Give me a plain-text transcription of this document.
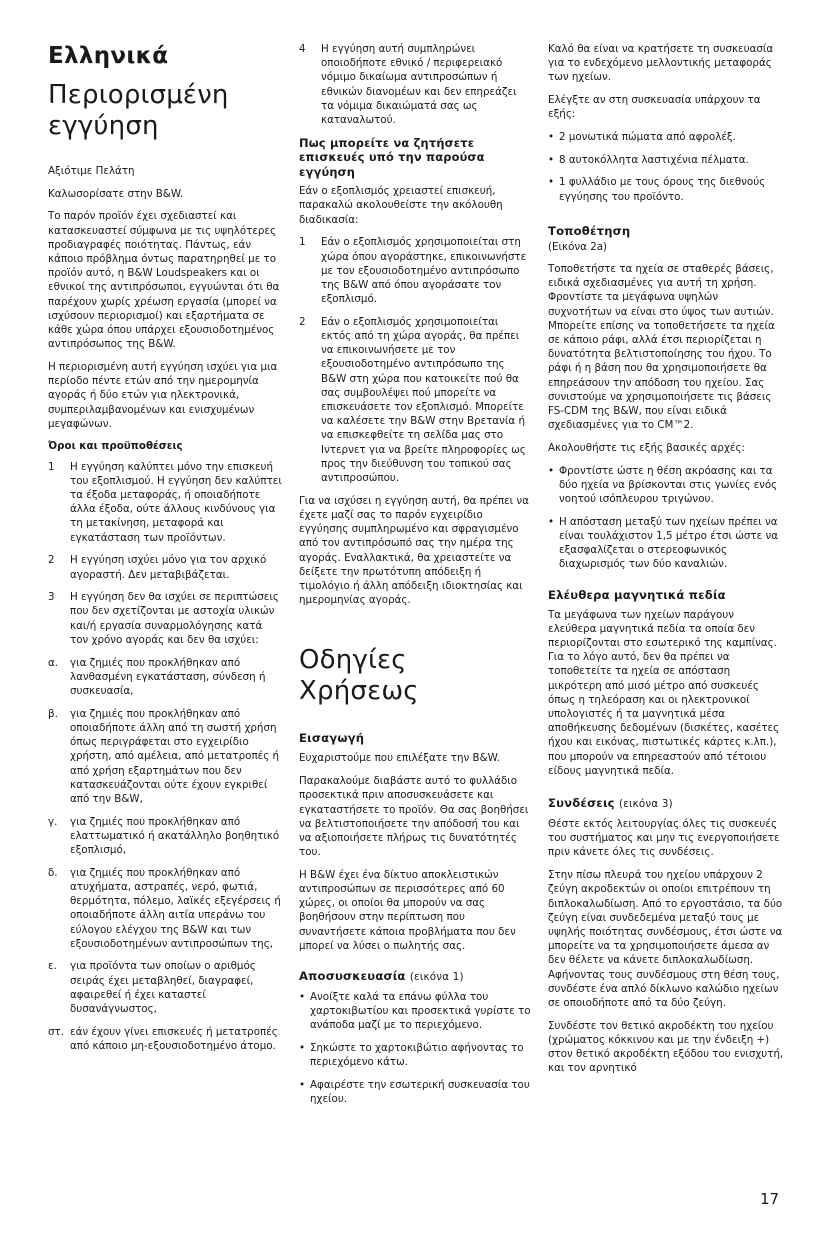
Ελληνικά
Περιορισμένη εγγύηση

Αξιότιμε Πελάτη

Καλωσορίσατε στην B&W.

Το παρόν προϊόν έχει σχεδιαστεί και κατασκευαστεί σύμφωνα με τις υψηλότερες προδιαγραφές ποιότητας. Πάντως, εάν κάποιο πρόβλημα όντως παρατηρηθεί με το προϊόν αυτό, η B&W Loudspeakers και οι εθνικοί της αντιπρόσωποι, εγγυώνται ότι θα παρέχουν χωρίς χρέωση εργασία (μπορεί να ισχύσουν περιορισμοί) και εξαρτήματα σε κάθε χώρα όπου υπάρχει εξουσιοδοτημένος αντιπρόσωπος της B&W.

Η περιορισμένη αυτή εγγύηση ισχύει για μια περίοδο πέντε ετών από την ημερομηνία αγοράς ή δύο ετών για ηλεκτρονικά, συμπεριλαμβανομένων και ενισχυμένων μεγαφώνων.

Όροι και προϋποθέσεις
1	Η εγγύηση καλύπτει μόνο την επισκευή του εξοπλισμού. Η εγγύηση δεν καλύπτει τα έξοδα μεταφοράς, ή οποιαδήποτε άλλα έξοδα, ούτε άλλους κινδύνους για τη μετακίνηση, μεταφορά και εγκατάσταση των προϊόντων.
2	Η εγγύηση ισχύει μόνο για τον αρχικό αγοραστή. Δεν μεταβιβάζεται.
3	Η εγγύηση δεν θα ισχύει σε περιπτώσεις που δεν σχετίζονται με αστοχία υλικών και/ή εργασία συναρμολόγησης κατά τον χρόνο αγοράς και δεν θα ισχύει:
α.	για ζημιές που προκλήθηκαν από λανθασμένη εγκατάσταση, σύνδεση ή συσκευασία,
β.	για ζημιές που προκλήθηκαν από οποιαδήποτε άλλη από τη σωστή χρήση όπως περιγράφεται στο εγχειρίδιο χρήστη, από αμέλεια, από μετατροπές ή από χρήση εξαρτημάτων που δεν κατασκευάζονται ούτε έχουν εγκριθεί από την B&W,
γ.	για ζημιές που προκλήθηκαν από ελαττωματικό ή ακατάλληλο βοηθητικό εξοπλισμό,
δ.	για ζημιές που προκλήθηκαν από ατυχήματα, αστραπές, νερό, φωτιά, θερμότητα, πόλεμο, λαϊκές εξεγέρσεις ή οποιαδήποτε άλλη αιτία υπεράνω του εύλογου ελέγχου της B&W και των εξουσιοδοτημένων αντιπροσώπων της,
ε.	για προϊόντα των οποίων ο αριθμός σειράς έχει μεταβληθεί, διαγραφεί, αφαιρεθεί ή έχει καταστεί δυσανάγνωστος,
στ. εάν έχουν γίνει επισκευές ή μετατροπές από κάποιο μη-εξουσιοδοτημένο άτομο.
4	Η εγγύηση αυτή συμπληρώνει οποιοδήποτε εθνικό / περιφερειακό νόμιμο δικαίωμα αντιπροσώπων ή εθνικών διανομέων και δεν επηρεάζει τα νόμιμα δικαιώματά σας ως καταναλωτού.
Πως μπορείτε να ζητήσετε επισκευές υπό την παρούσα εγγύηση

Εάν ο εξοπλισμός χρειαστεί επισκευή, παρακαλώ ακολουθείστε την ακόλουθη διαδικασία:

1	Εάν ο εξοπλισμός χρησιμοποιείται στη χώρα όπου αγοράστηκε, επικοινωνήστε με τον εξουσιοδοτημένο αντιπρόσωπο της B&W από όπου αγοράσατε τον εξοπλισμό.
2	Εάν ο εξοπλισμός χρησιμοποιείται εκτός από τη χώρα αγοράς, θα πρέπει να επικοινωνήσετε με τον εξουσιοδοτημένο αντιπρόσωπο της B&W στη χώρα που κατοικείτε πού θα σας συμβουλέψει πού μπορείτε να επισκευάσετε τον εξοπλισμό. Μπορείτε να καλέσετε την B&W στην Βρετανία ή να επισκεφθείτε τη σελίδα μας στο Ιντερνετ για να βρείτε πληροφορίες ως προς την διεύθυνση του τοπικού σας αντιπροσώπου.

Για να ισχύσει η εγγύηση αυτή, θα πρέπει να έχετε μαζί σας το παρόν εγχειρίδιο εγγύησης συμπληρωμένο και σφραγισμένο από τον αντιπρόσωπό σας την ημέρα της αγοράς. Εναλλακτικά, θα χρειαστείτε να δείξετε την πρωτότυπη απόδειξη ή τιμολόγιο ή άλλη απόδειξη ιδιοκτησίας και ημερομηνίας αγοράς.

Οδηγίες Χρήσεως
Εισαγωγή

Ευχαριστούμε που επιλέξατε την B&W.

Παρακαλούμε διαβάστε αυτό το φυλλάδιο προσεκτικά πριν αποσυσκευάσετε και εγκαταστήσετε το προϊόν. Θα σας βοηθήσει να βελτιστοποιήσετε την απόδοσή του και να αξιοποιήσετε πλήρως τις δυνατότητές του.

Η B&W έχει ένα δίκτυο αποκλειστικών αντιπροσώπων σε περισσότερες από 60 χώρες, οι οποίοι θα μπορούν να σας βοηθήσουν στην περίπτωση που συναντήσετε κάποια προβλήματα που δεν μπορεί να λύσει ο πωλητής σας.

Αποσυσκευασία (εικόνα 1)
• Ανοίξτε καλά τα επάνω φύλλα του χαρτοκιβωτίου και προσεκτικά γυρίστε το ανάποδα μαζί με το περιεχόμενο.
• Σηκώστε το χαρτοκιβώτιο αφήνοντας το περιεχόμενο κάτω.
• Αφαιρέστε την εσωτερική συσκευασία του ηχείου.

Καλό θα είναι να κρατήσετε τη συσκευασία για το ενδεχόμενο μελλοντικής μεταφοράς των ηχείων.

Ελέγξτε αν στη συσκευασία υπάρχουν τα εξής:

• 2 μονωτικά πώματα από αφρολέξ.
• 8 αυτοκόλλητα λαστιχένια πέλματα.
• 1 φυλλάδιο με τους όρους της διεθνούς εγγύησης του προϊόντο.
Τοποθέτηση
(Εικόνα 2a)

Τοποθετήστε τα ηχεία σε σταθερές βάσεις, ειδικά σχεδιασμένες για αυτή τη χρήση. Φροντίστε τα μεγάφωνα υψηλών συχνοτήτων να είναι στο ύψος των αυτιών. Μπορείτε επίσης να τοποθετήσετε τα ηχεία σε κάποιο ράφι, αλλά έτσι περιορίζεται η δυνατότητα βελτιστοποίησης του ήχου. Το ράφι ή η βάση που θα χρησιμοποιήσετε θα επηρεάσουν την απόδοση του ηχείου. Σας συνιστούμε να χρησιμοποιήσετε τις βάσεις FS-CDM της B&W, που είναι ειδικά σχεδιασμένες για το CM™2.

Ακολουθήστε τις εξής βασικές αρχές:

• Φροντίστε ώστε η θέση ακρόασης και τα δύο ηχεία να βρίσκονται στις γωνίες ενός νοητού ισόπλευρου τριγώνου.
• Η απόσταση μεταξύ των ηχείων πρέπει να είναι τουλάχιστον 1,5 μέτρο έτσι ώστε να εξασφαλίζεται ο στερεοφωνικός διαχωρισμός των δύο καναλιών.
Ελέυθερα μαγνητικά πεδία

Τα μεγάφωνα των ηχείων παράγουν ελεύθερα μαγνητικά πεδία τα οποία δεν περιορίζονται στο εσωτερικό της καμπίνας. Για το λόγο αυτό, δεν θα πρέπει να τοποθετείτε τα ηχεία σε απόσταση μικρότερη από μισό μέτρο από συσκευές όπως η τηλεόραση και οι ηλεκτρονικοί υπολογιστές ή τα μαγνητικά μέσα αποθήκευσης δεδομένων (δισκέτες, κασέτες ήχου και εικόνας, πιστωτικές κάρτες κ.λπ.), που μπορούν να επηρεαστούν από τέτοιου είδους μαγνητικά πεδία.

Συνδέσεις (εικόνα 3)

Θέστε εκτός λειτουργίας όλες τις συσκευές του συστήματος και μην τις ενεργοποιήσετε πριν κάνετε όλες τις συνδέσεις.

Στην πίσω πλευρά του ηχείου υπάρχουν 2 ζεύγη ακροδεκτών οι οποίοι επιτρέπουν τη διπλοκαλωδίωση. Από το εργοστάσιο, τα δύο ζεύγη είναι συνδεδεμένα μεταξύ τους με υψηλής ποιότητας συνδέσμους, έτσι ώστε να μπορείτε να τα χρησιμοποιήσετε άμεσα αν δεν θέλετε να κάνετε διπλοκαλωδίωση. Αφήνοντας τους συνδέσμους στη θέση τους, συνδέστε ένα απλό δίκλωνο καλώδιο ηχείων σε οποιοδήποτε από τα δύο ζεύγη.

Συνδέστε τον θετικό ακροδέκτη του ηχείου (χρώματος κόκκινου και με την ένδειξη +) στον θετικό ακροδέκτη εξόδου του ενισχυτή, και τον αρνητικό

17
